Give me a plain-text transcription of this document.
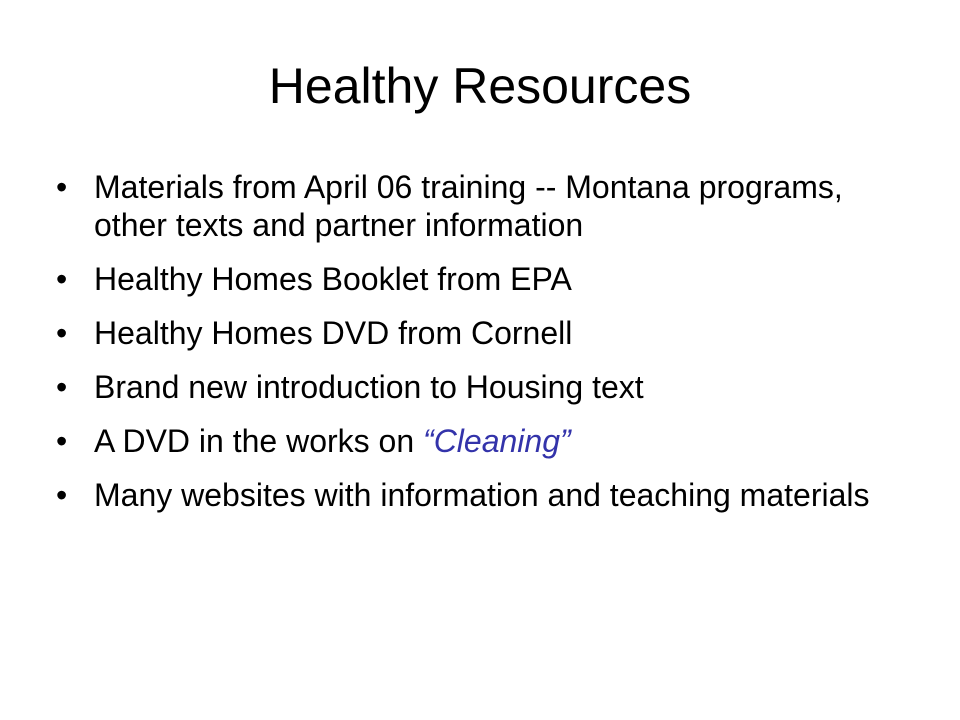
Healthy Resources
• Materials from April 06 training -- Montana programs, other texts and partner information
• Healthy Homes Booklet from EPA
• Healthy Homes DVD from Cornell
• Brand new introduction to Housing text
• A DVD in the works on “Cleaning”
• Many websites with information and teaching materials
